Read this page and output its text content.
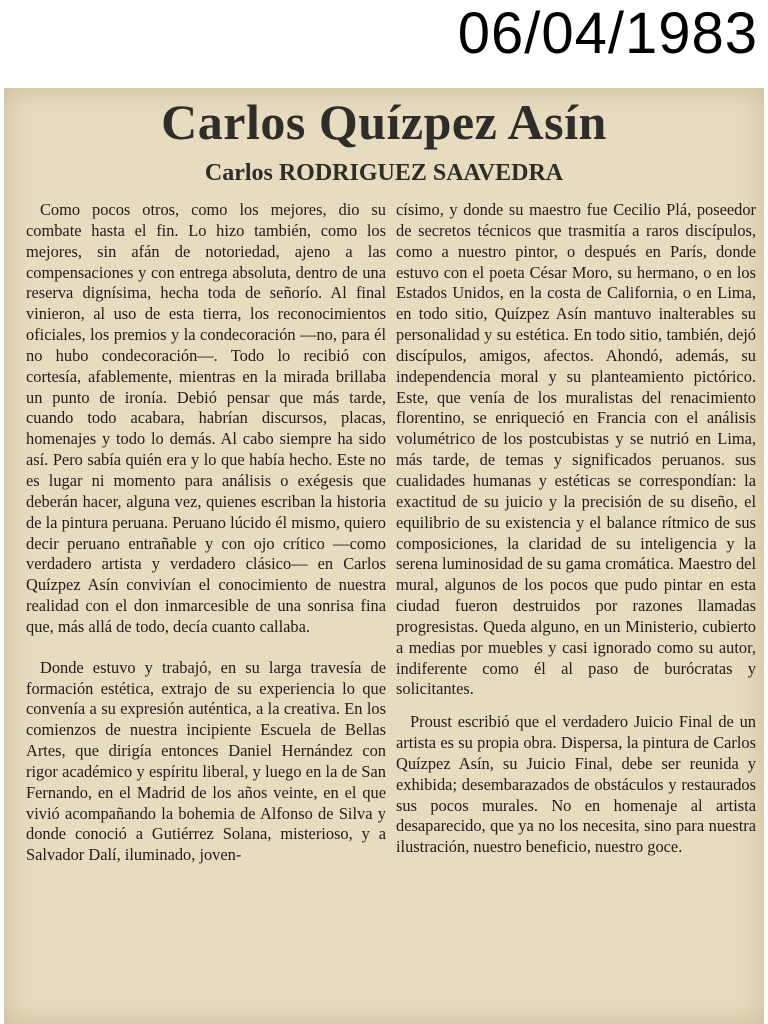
06/04/1983
Carlos Quízpez Asín
Carlos RODRIGUEZ SAAVEDRA

Como pocos otros, como los mejores, dio su combate hasta el fin. Lo hizo también, como los mejores, sin afán de notoriedad, ajeno a las compensaciones y con entrega absoluta, dentro de una reserva dignísima, hecha toda de señorío. Al final vinieron, al uso de esta tierra, los reconocimientos oficiales, los premios y la condecoración —no, para él no hubo condecoración—. Todo lo recibió con cortesía, afablemente, mientras en la mirada brillaba un punto de ironía. Debió pensar que más tarde, cuando todo acabara, habrían discursos, placas, homenajes y todo lo demás. Al cabo siempre ha sido así. Pero sabía quién era y lo que había hecho. Este no es lugar ni momento para análisis o exégesis que deberán hacer, alguna vez, quienes escriban la historia de la pintura peruana. Peruano lúcido él mismo, quiero decir peruano entrañable y con ojo crítico —como verdadero artista y verdadero clásico— en Carlos Quízpez Asín convivían el conocimiento de nuestra realidad con el don inmarcesible de una sonrisa fina que, más allá de todo, decía cuanto callaba.

Donde estuvo y trabajó, en su larga travesía de formación estética, extrajo de su experiencia lo que convenía a su expresión auténtica, a la creativa. En los comienzos de nuestra incipiente Escuela de Bellas Artes, que dirigía entonces Daniel Hernández con rigor académico y espíritu liberal, y luego en la de San Fernando, en el Madrid de los años veinte, en el que vivió acompañando la bohemia de Alfonso de Silva y donde conoció a Gutiérrez Solana, misterioso, y a Salvador Dalí, iluminado, joven-

císimo, y donde su maestro fue Cecilio Plá, poseedor de secretos técnicos que trasmitía a raros discípulos, como a nuestro pintor, o después en París, donde estuvo con el poeta César Moro, su hermano, o en los Estados Unidos, en la costa de California, o en Lima, en todo sitio, Quízpez Asín mantuvo inalterables su personalidad y su estética. En todo sitio, también, dejó discípulos, amigos, afectos. Ahondó, además, su independencia moral y su planteamiento pictórico. Este, que venía de los muralistas del renacimiento florentino, se enriqueció en Francia con el análisis volumétrico de los postcubistas y se nutrió en Lima, más tarde, de temas y significados peruanos. sus cualidades humanas y estéticas se correspondían: la exactitud de su juicio y la precisión de su diseño, el equilibrio de su existencia y el balance rítmico de sus composiciones, la claridad de su inteligencia y la serena luminosidad de su gama cromática. Maestro del mural, algunos de los pocos que pudo pintar en esta ciudad fueron destruidos por razones llamadas progresistas. Queda alguno, en un Ministerio, cubierto a medias por muebles y casi ignorado como su autor, indiferente como él al paso de burócratas y solicitantes.

Proust escribió que el verdadero Juicio Final de un artista es su propia obra. Dispersa, la pintura de Carlos Quízpez Asín, su Juicio Final, debe ser reunida y exhibida; desembarazados de obstáculos y restaurados sus pocos murales. No en homenaje al artista desaparecido, que ya no los necesita, sino para nuestra ilustración, nuestro beneficio, nuestro goce.
